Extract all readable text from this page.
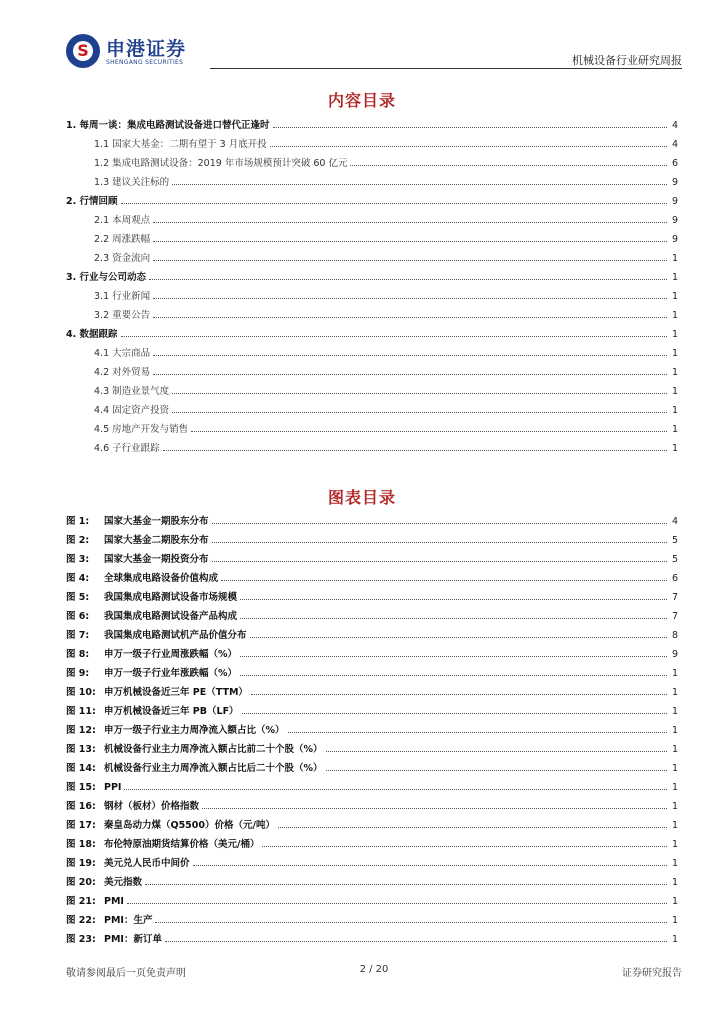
S 申港证券
SHENGANG SECURITIES	机械设备行业研究周报
内容目录
1. 每周一谈：集成电路测试设备进口替代正逢时	4
1.1 国家大基金：二期有望于 3 月底开投	4
1.2 集成电路测试设备：2019 年市场规模预计突破 60 亿元	6
1.3 建议关注标的	9
2. 行情回顾	9
2.1 本周观点	9
2.2 周涨跌幅	9
2.3 资金流向	1
3. 行业与公司动态	1
3.1 行业新闻	1
3.2 重要公告	1
4. 数据跟踪	1
4.1 大宗商品	1
4.2 对外贸易	1
4.3 制造业景气度	1
4.4 固定资产投资	1
4.5 房地产开发与销售	1
4.6 子行业跟踪	1
图表目录
图 1:	国家大基金一期股东分布	4
图 2:	国家大基金二期股东分布	5
图 3:	国家大基金一期投资分布	5
图 4:	全球集成电路设备价值构成	6
图 5:	我国集成电路测试设备市场规模	7
图 6:	我国集成电路测试设备产品构成	7
图 7:	我国集成电路测试机产品价值分布	8
图 8:	申万一级子行业周涨跌幅（%）	9
图 9:	申万一级子行业年涨跌幅（%）	1
图 10: 申万机械设备近三年 PE（TTM）	1
图 11: 申万机械设备近三年 PB（LF）	1
图 12: 申万一级子行业主力周净流入额占比（%）	1
图 13: 机械设备行业主力周净流入额占比前二十个股（%）	1
图 14: 机械设备行业主力周净流入额占比后二十个股（%）	1
图 15: PPI	1
图 16: 钢材（板材）价格指数	1
图 17: 秦皇岛动力煤（Q5500）价格（元/吨）	1
图 18: 布伦特原油期货结算价格（美元/桶）	1
图 19: 美元兑人民币中间价	1
图 20: 美元指数	1
图 21: PMI	1
图 22: PMI：生产	1
图 23: PMI：新订单	1
敬请参阅最后一页免责声明	2 / 20	证券研究报告
